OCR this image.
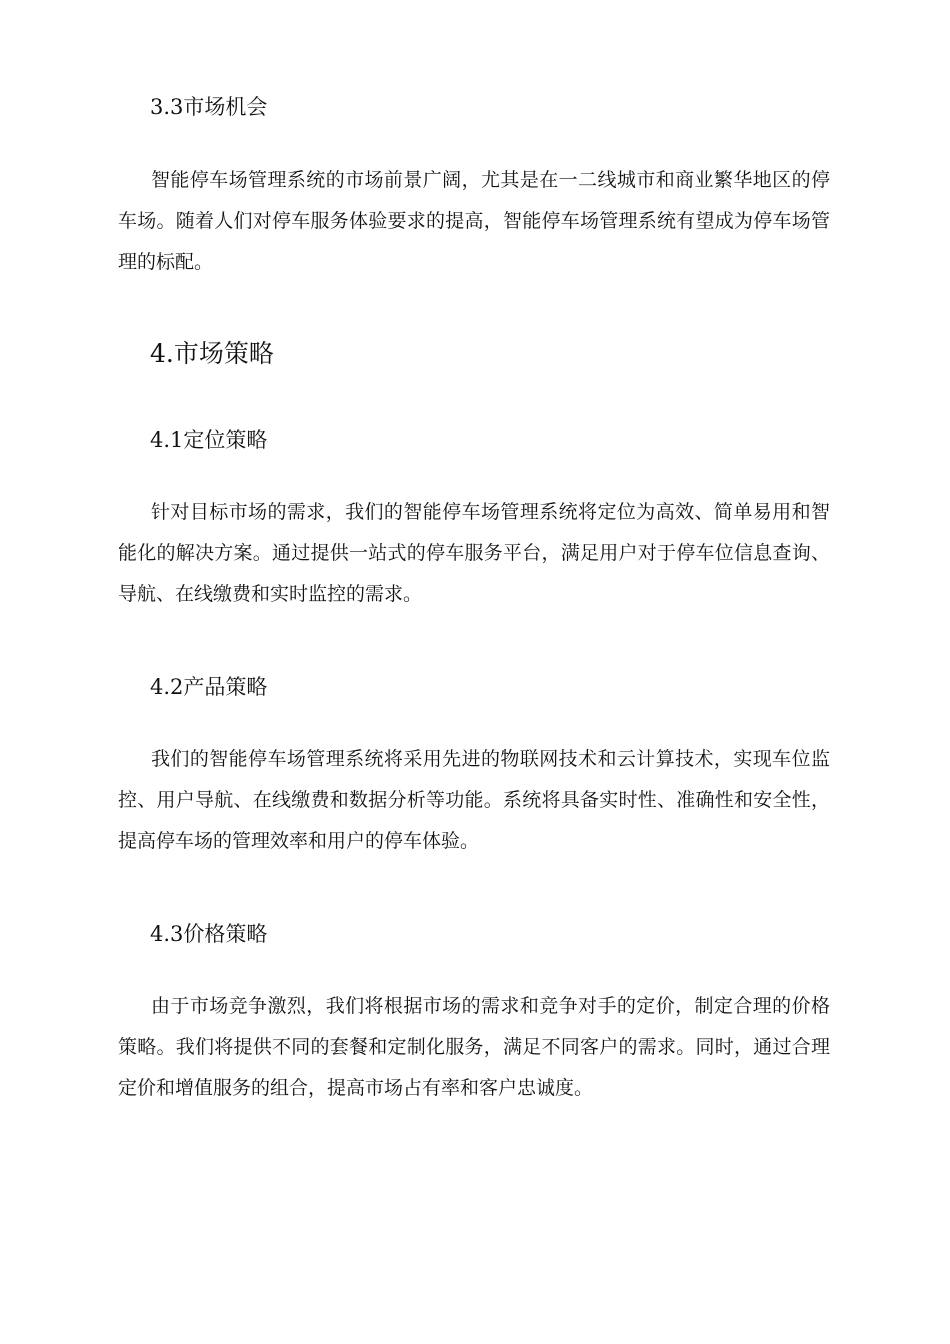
3.3市场机会

智能停车场管理系统的市场前景广阔，尤其是在一二线城市和商业繁华地区的停车场。随着人们对停车服务体验要求的提高，智能停车场管理系统有望成为停车场管理的标配。

4.市场策略
4.1定位策略

针对目标市场的需求，我们的智能停车场管理系统将定位为高效、简单易用和智能化的解决方案。通过提供一站式的停车服务平台，满足用户对于停车位信息查询、导航、在线缴费和实时监控的需求。

4.2产品策略

我们的智能停车场管理系统将采用先进的物联网技术和云计算技术，实现车位监控、用户导航、在线缴费和数据分析等功能。系统将具备实时性、准确性和安全性，提高停车场的管理效率和用户的停车体验。

4.3价格策略

由于市场竞争激烈，我们将根据市场的需求和竞争对手的定价，制定合理的价格策略。我们将提供不同的套餐和定制化服务，满足不同客户的需求。同时，通过合理定价和增值服务的组合，提高市场占有率和客户忠诚度。
